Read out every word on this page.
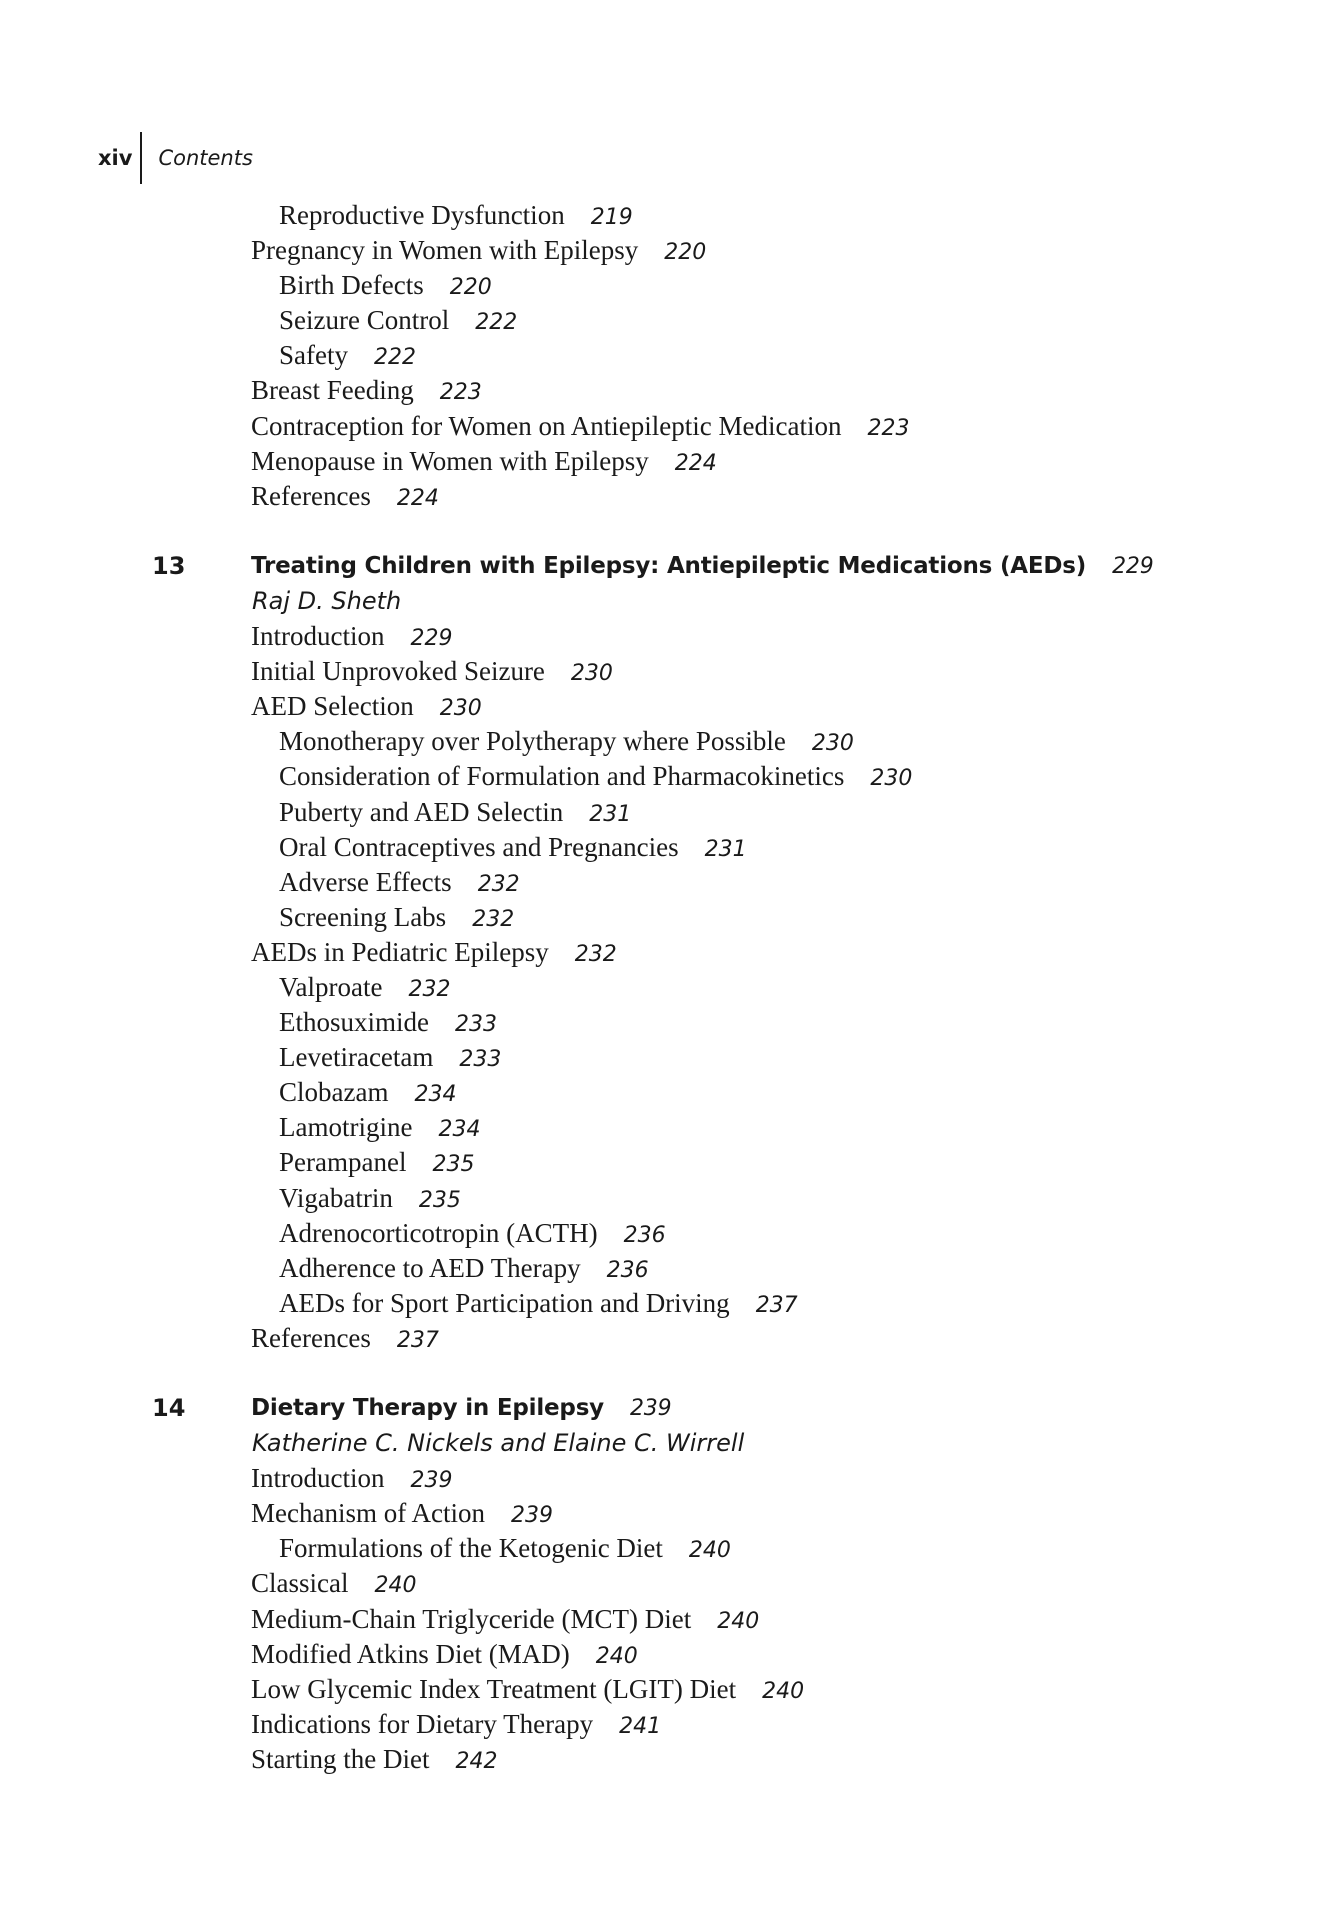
xiv	Contents
Reproductive Dysfunction 219
Pregnancy in Women with Epilepsy 220
Birth Defects 220
Seizure Control 222
Safety 222
Breast Feeding 223
Contraception for Women on Antiepileptic Medication 223
Menopause in Women with Epilepsy 224
References 224
13	Treating Children with Epilepsy: Antiepileptic Medications (AEDs) 229
Raj D. Sheth
Introduction 229
Initial Unprovoked Seizure 230
AED Selection 230
Monotherapy over Polytherapy where Possible 230
Consideration of Formulation and Pharmacokinetics 230
Puberty and AED Selectin 231
Oral Contraceptives and Pregnancies 231
Adverse Effects 232
Screening Labs 232
AEDs in Pediatric Epilepsy 232
Valproate 232
Ethosuximide 233
Levetiracetam 233
Clobazam 234
Lamotrigine 234
Perampanel 235
Vigabatrin 235
Adrenocorticotropin (ACTH) 236
Adherence to AED Therapy 236
AEDs for Sport Participation and Driving 237
References 237
14	Dietary Therapy in Epilepsy 239
Katherine C. Nickels and Elaine C. Wirrell
Introduction 239
Mechanism of Action 239
Formulations of the Ketogenic Diet 240
Classical 240
Medium-Chain Triglyceride (MCT) Diet 240
Modified Atkins Diet (MAD) 240
Low Glycemic Index Treatment (LGIT) Diet 240
Indications for Dietary Therapy 241
Starting the Diet 242
